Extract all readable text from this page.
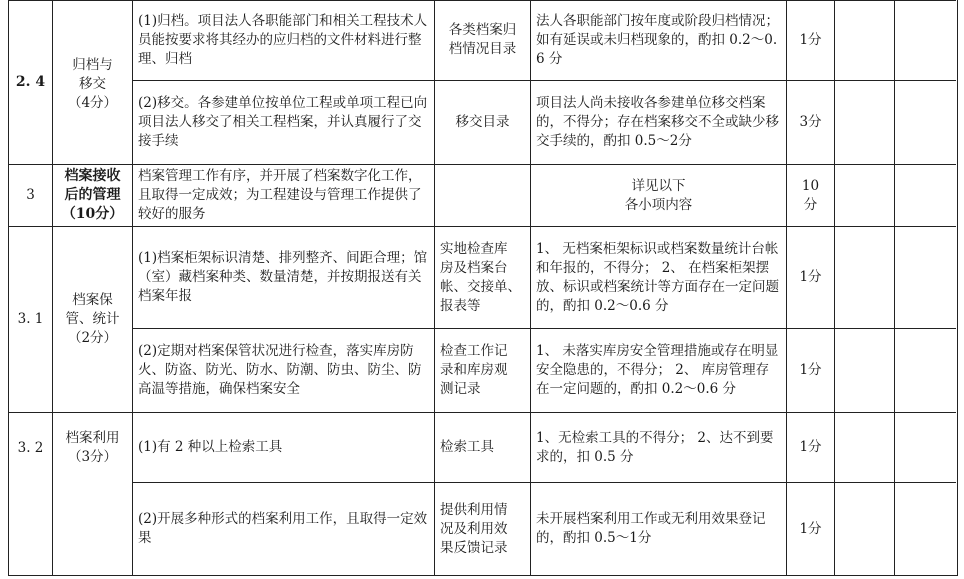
2. 4
归档与
移交
（4分）
(1)归档。项目法人各职能部门和相关工程技术人员能按要求将其经办的应归档的文件材料进行整理、归档
各类档案归
档情况目录
法人各职能部门按年度或阶段归档情况；如有延误或未归档现象的，酌扣 0.2～0.6 分
1分
(2)移交。各参建单位按单位工程或单项工程已向项目法人移交了相关工程档案，并认真履行了交接手续
移交目录
项目法人尚未接收各参建单位移交档案的，不得分；存在档案移交不全或缺少移交手续的，酌扣 0.5～2分
3分
3
档案接收
后的管理
（10分）
档案管理工作有序，并开展了档案数字化工作，且取得一定成效；为工程建设与管理工作提供了较好的服务
详见以下
各小项内容
10
分
3. 1
档案保
管、统计
（2分）
(1)档案柜架标识清楚、排列整齐、间距合理；馆（室）藏档案种类、数量清楚，并按期报送有关档案年报
实地检查库
房及档案台
帐、交接单、
报表等
1、 无档案柜架标识或档案数量统计台帐和年报的，不得分； 2、 在档案柜架摆放、标识或档案统计等方面存在一定问题的，酌扣 0.2～0.6 分
1分
(2)定期对档案保管状况进行检查，落实库房防火、防盗、防光、防水、防潮、防虫、防尘、防高温等措施，确保档案安全
检查工作记
录和库房观
测记录
1、 未落实库房安全管理措施或存在明显安全隐患的，不得分； 2、 库房管理存在一定问题的，酌扣 0.2～0.6 分
1分
3. 2
档案利用
（3分）
(1)有 2 种以上检索工具	检索工具
1、无检索工具的不得分； 2、达不到要求的，扣 0.5 分
1分
(2)开展多种形式的档案利用工作，且取得一定效果
提供利用情
况及利用效
果反馈记录
未开展档案利用工作或无利用效果登记的，酌扣 0.5～1分
1分
